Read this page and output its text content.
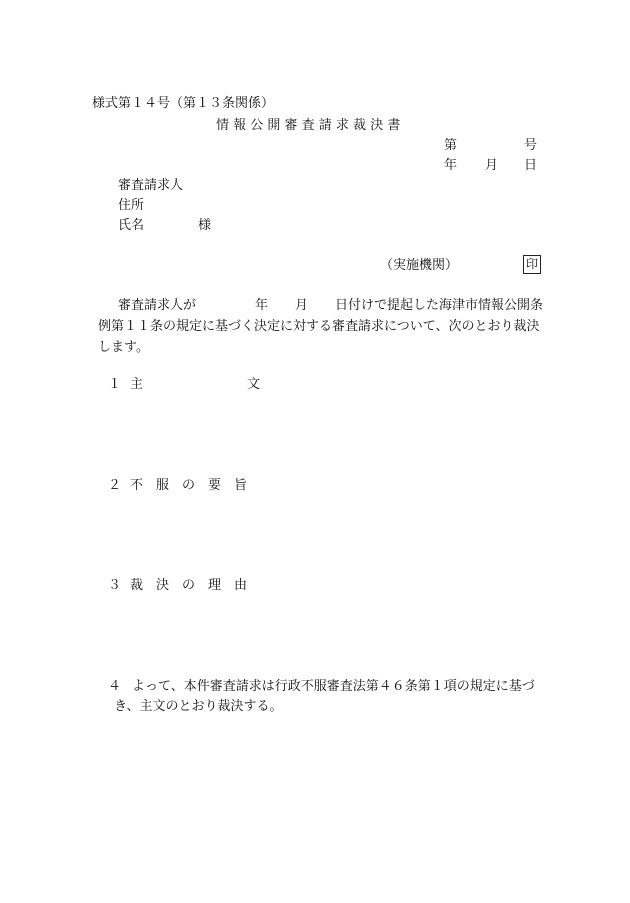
様式第１４号（第１３条関係）
情 報 公 開 審 査 請 求 裁 決 書
第	号
年 月 日
審査請求人
住所
氏名	様
（実施機関）	印
審査請求人が	年 月 日付けで提起した海津市情報公開条
例第１１条の規定に基づく決定に対する審査請求について、次のとおり裁決
します。
１ 主　　　　　　　　文
２ 不　服　の　要　旨
３ 裁　決　の　理　由
４ よって、本件審査請求は行政不服審査法第４６条第１項の規定に基づ
き、主文のとおり裁決する。
